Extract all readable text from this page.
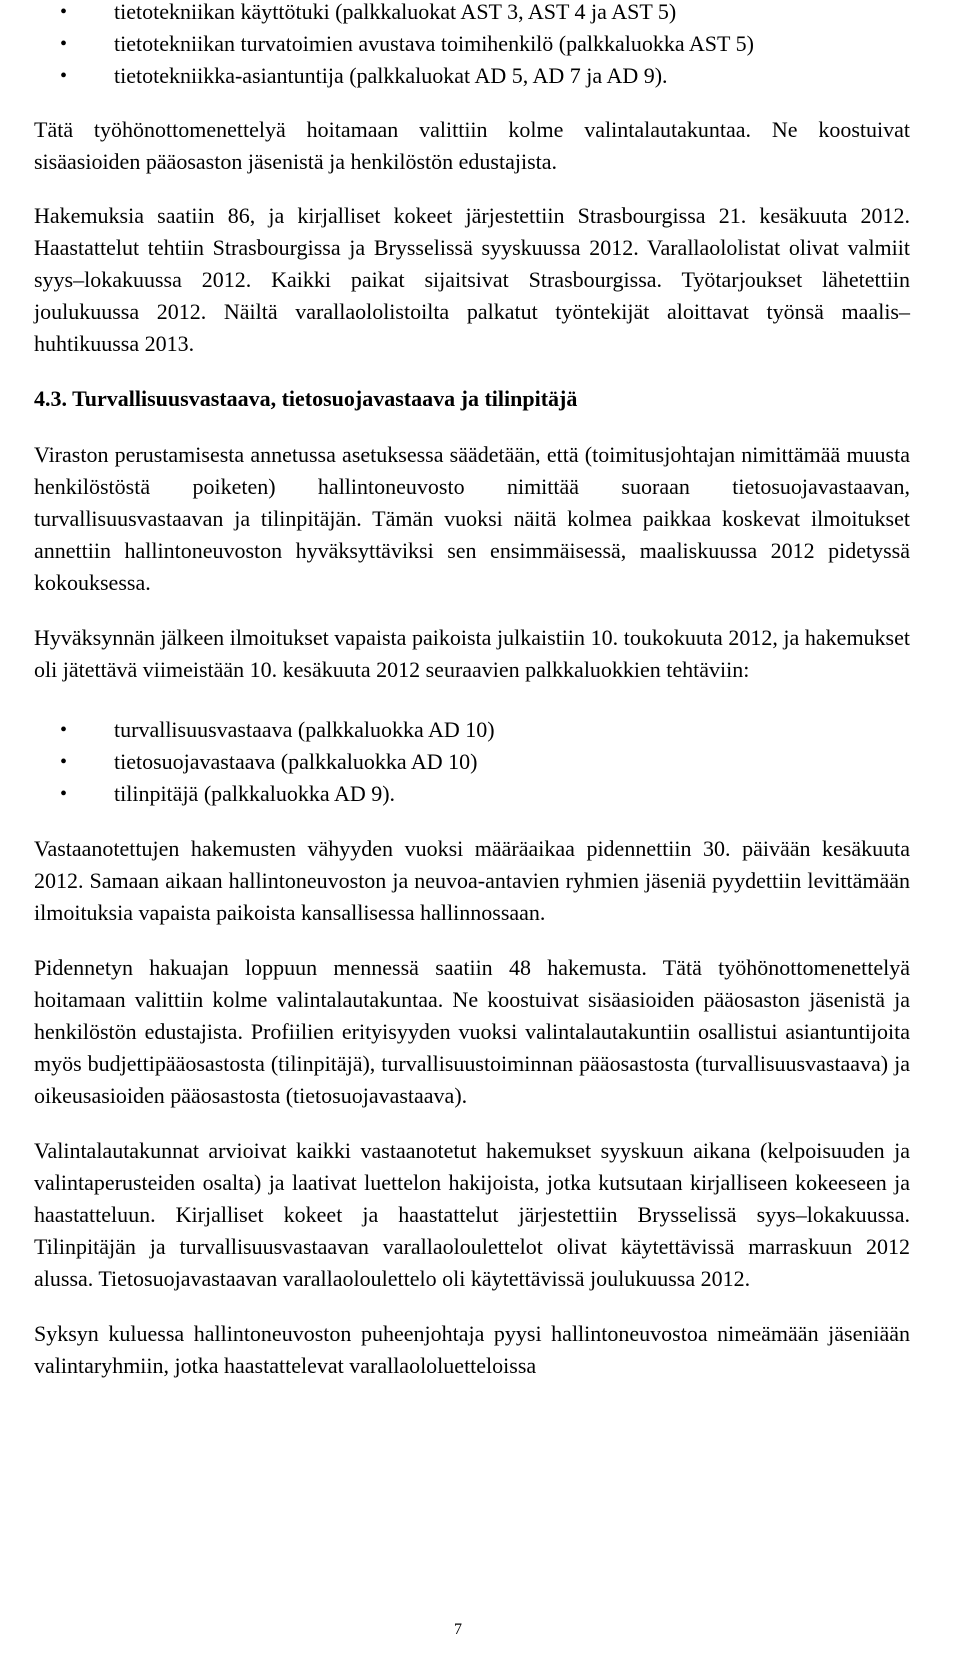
• tietotekniikan käyttötuki (palkkaluokat AST 3, AST 4 ja AST 5)
• tietotekniikan turvatoimien avustava toimihenkilö (palkkaluokka AST 5)
• tietotekniikka-asiantuntija (palkkaluokat AD 5, AD 7 ja AD 9).

Tätä työhönottomenettelyä hoitamaan valittiin kolme valintalautakuntaa. Ne koostuivat sisäasioiden pääosaston jäsenistä ja henkilöstön edustajista.

Hakemuksia saatiin 86, ja kirjalliset kokeet järjestettiin Strasbourgissa 21. kesäkuuta 2012. Haastattelut tehtiin Strasbourgissa ja Brysselissä syyskuussa 2012. Varallaololistat olivat valmiit syys–lokakuussa 2012. Kaikki paikat sijaitsivat Strasbourgissa. Työtarjoukset lähetettiin joulukuussa 2012. Näiltä varallaololistoilta palkatut työntekijät aloittavat työnsä maalis–huhtikuussa 2013.

4.3. Turvallisuusvastaava, tietosuojavastaava ja tilinpitäjä

Viraston perustamisesta annetussa asetuksessa säädetään, että (toimitusjohtajan nimittämää muusta henkilöstöstä poiketen) hallintoneuvosto nimittää suoraan tietosuojavastaavan, turvallisuusvastaavan ja tilinpitäjän. Tämän vuoksi näitä kolmea paikkaa koskevat ilmoitukset annettiin hallintoneuvoston hyväksyttäviksi sen ensimmäisessä, maaliskuussa 2012 pidetyssä kokouksessa.

Hyväksynnän jälkeen ilmoitukset vapaista paikoista julkaistiin 10. toukokuuta 2012, ja hakemukset oli jätettävä viimeistään 10. kesäkuuta 2012 seuraavien palkkaluokkien tehtäviin:

• turvallisuusvastaava (palkkaluokka AD 10)
• tietosuojavastaava (palkkaluokka AD 10)
• tilinpitäjä (palkkaluokka AD 9).

Vastaanotettujen hakemusten vähyyden vuoksi määräaikaa pidennettiin 30. päivään kesäkuuta 2012. Samaan aikaan hallintoneuvoston ja neuvoa-antavien ryhmien jäseniä pyydettiin levittämään ilmoituksia vapaista paikoista kansallisessa hallinnossaan.

Pidennetyn hakuajan loppuun mennessä saatiin 48 hakemusta. Tätä työhönottomenettelyä hoitamaan valittiin kolme valintalautakuntaa. Ne koostuivat sisäasioiden pääosaston jäsenistä ja henkilöstön edustajista. Profiilien erityisyyden vuoksi valintalautakuntiin osallistui asiantuntijoita myös budjettipääosastosta (tilinpitäjä), turvallisuustoiminnan pääosastosta (turvallisuusvastaava) ja oikeusasioiden pääosastosta (tietosuojavastaava).

Valintalautakunnat arvioivat kaikki vastaanotetut hakemukset syyskuun aikana (kelpoisuuden ja valintaperusteiden osalta) ja laativat luettelon hakijoista, jotka kutsutaan kirjalliseen kokeeseen ja haastatteluun. Kirjalliset kokeet ja haastattelut järjestettiin Brysselissä syys–lokakuussa. Tilinpitäjän ja turvallisuusvastaavan varallaoloulettelot olivat käytettävissä marraskuun 2012 alussa. Tietosuojavastaavan varallaoloulettelo oli käytettävissä joulukuussa 2012.

Syksyn kuluessa hallintoneuvoston puheenjohtaja pyysi hallintoneuvostoa nimeämään jäseniään valintaryhmiin, jotka haastattelevat varallaololuetteloissa

7
